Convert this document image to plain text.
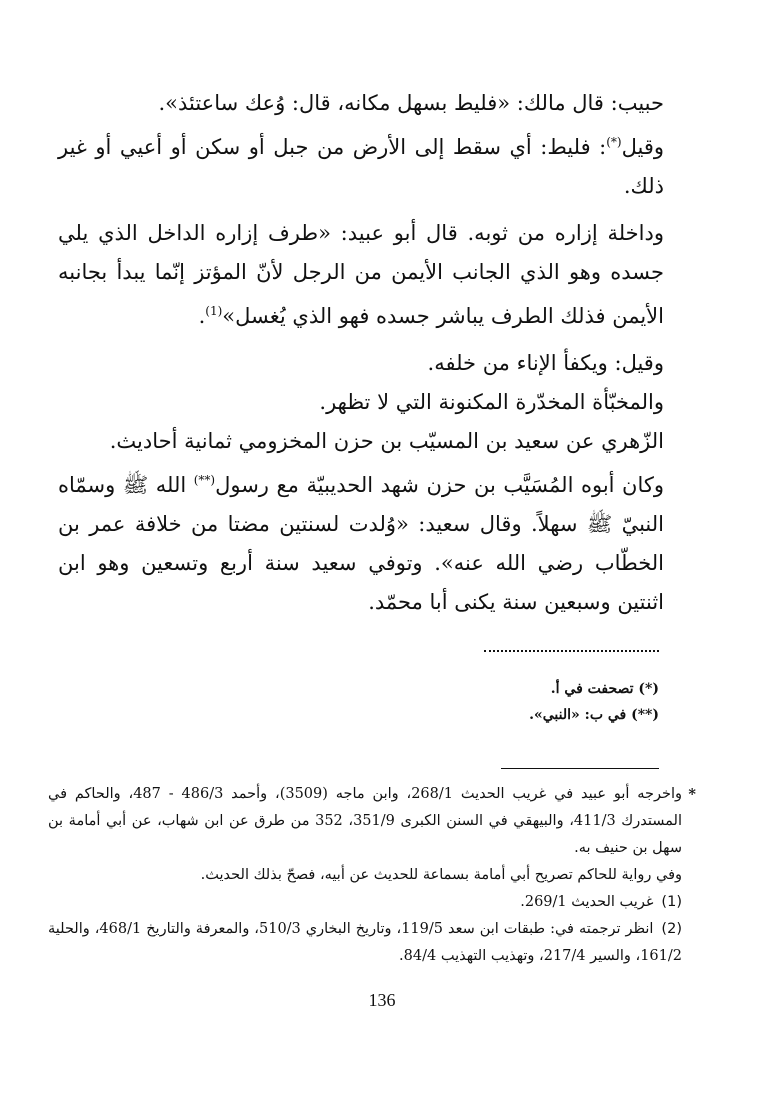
حبيب: قال مالك: «فليط بسهل مكانه، قال: وُعك ساعتئذ».

وقيل(*): فليط: أي سقط إلى الأرض من جبل أو سكن أو أعيي أو غير ذلك.

وداخلة إزاره من ثوبه. قال أبو عبيد: «طرف إزاره الداخل الذي يلي جسده وهو الذي الجانب الأيمن من الرجل لأنّ المؤتز إنّما يبدأ بجانبه الأيمن فذلك الطرف يباشر جسده فهو الذي يُغسل»$^{(1)}$.

وقيل: ويكفأ الإناء من خلفه.

والمخبّأة المخدّرة المكنونة التي لا تظهر.

الزّهري عن سعيد بن المسيّب بن حزن المخزومي ثمانية أحاديث.

وكان أبوه المُسَيَّب بن حزن شهد الحديبيّة مع رسول(**) الله ﷺ وسمّاه النبيّ ﷺ سهلاً. وقال سعيد: «وُلدت لسنتين مضتا من خلافة عمر بن الخطّاب رضي الله عنه». وتوفي سعيد سنة أربع وتسعين وهو ابن اثنتين وسبعين سنة يكنى أبا محمّد.

(*) تصحفت في أ.
(**) في ب: «النبي».

*
واخرجه أبو عبيد في غريب الحديث 268/1، وابن ماجه (3509)، وأحمد 486/3 - 487، والحاكم في المستدرك 411/3، والبيهقي في السنن الكبرى 351/9، 352 من طرق عن ابن شهاب، عن أبي أمامة بن سهل بن حنيف به.

وفي رواية للحاكم تصريح أبي أمامة بسماعة للحديث عن أبيه، فصحّ بذلك الحديث.

(1)غريب الحديث 269/1.

(2)انظر ترجمته في: طبقات ابن سعد 119/5، وتاريخ البخاري 510/3، والمعرفة والتاريخ 468/1، والحلية 161/2، والسير 217/4، وتهذيب التهذيب 84/4.

136
